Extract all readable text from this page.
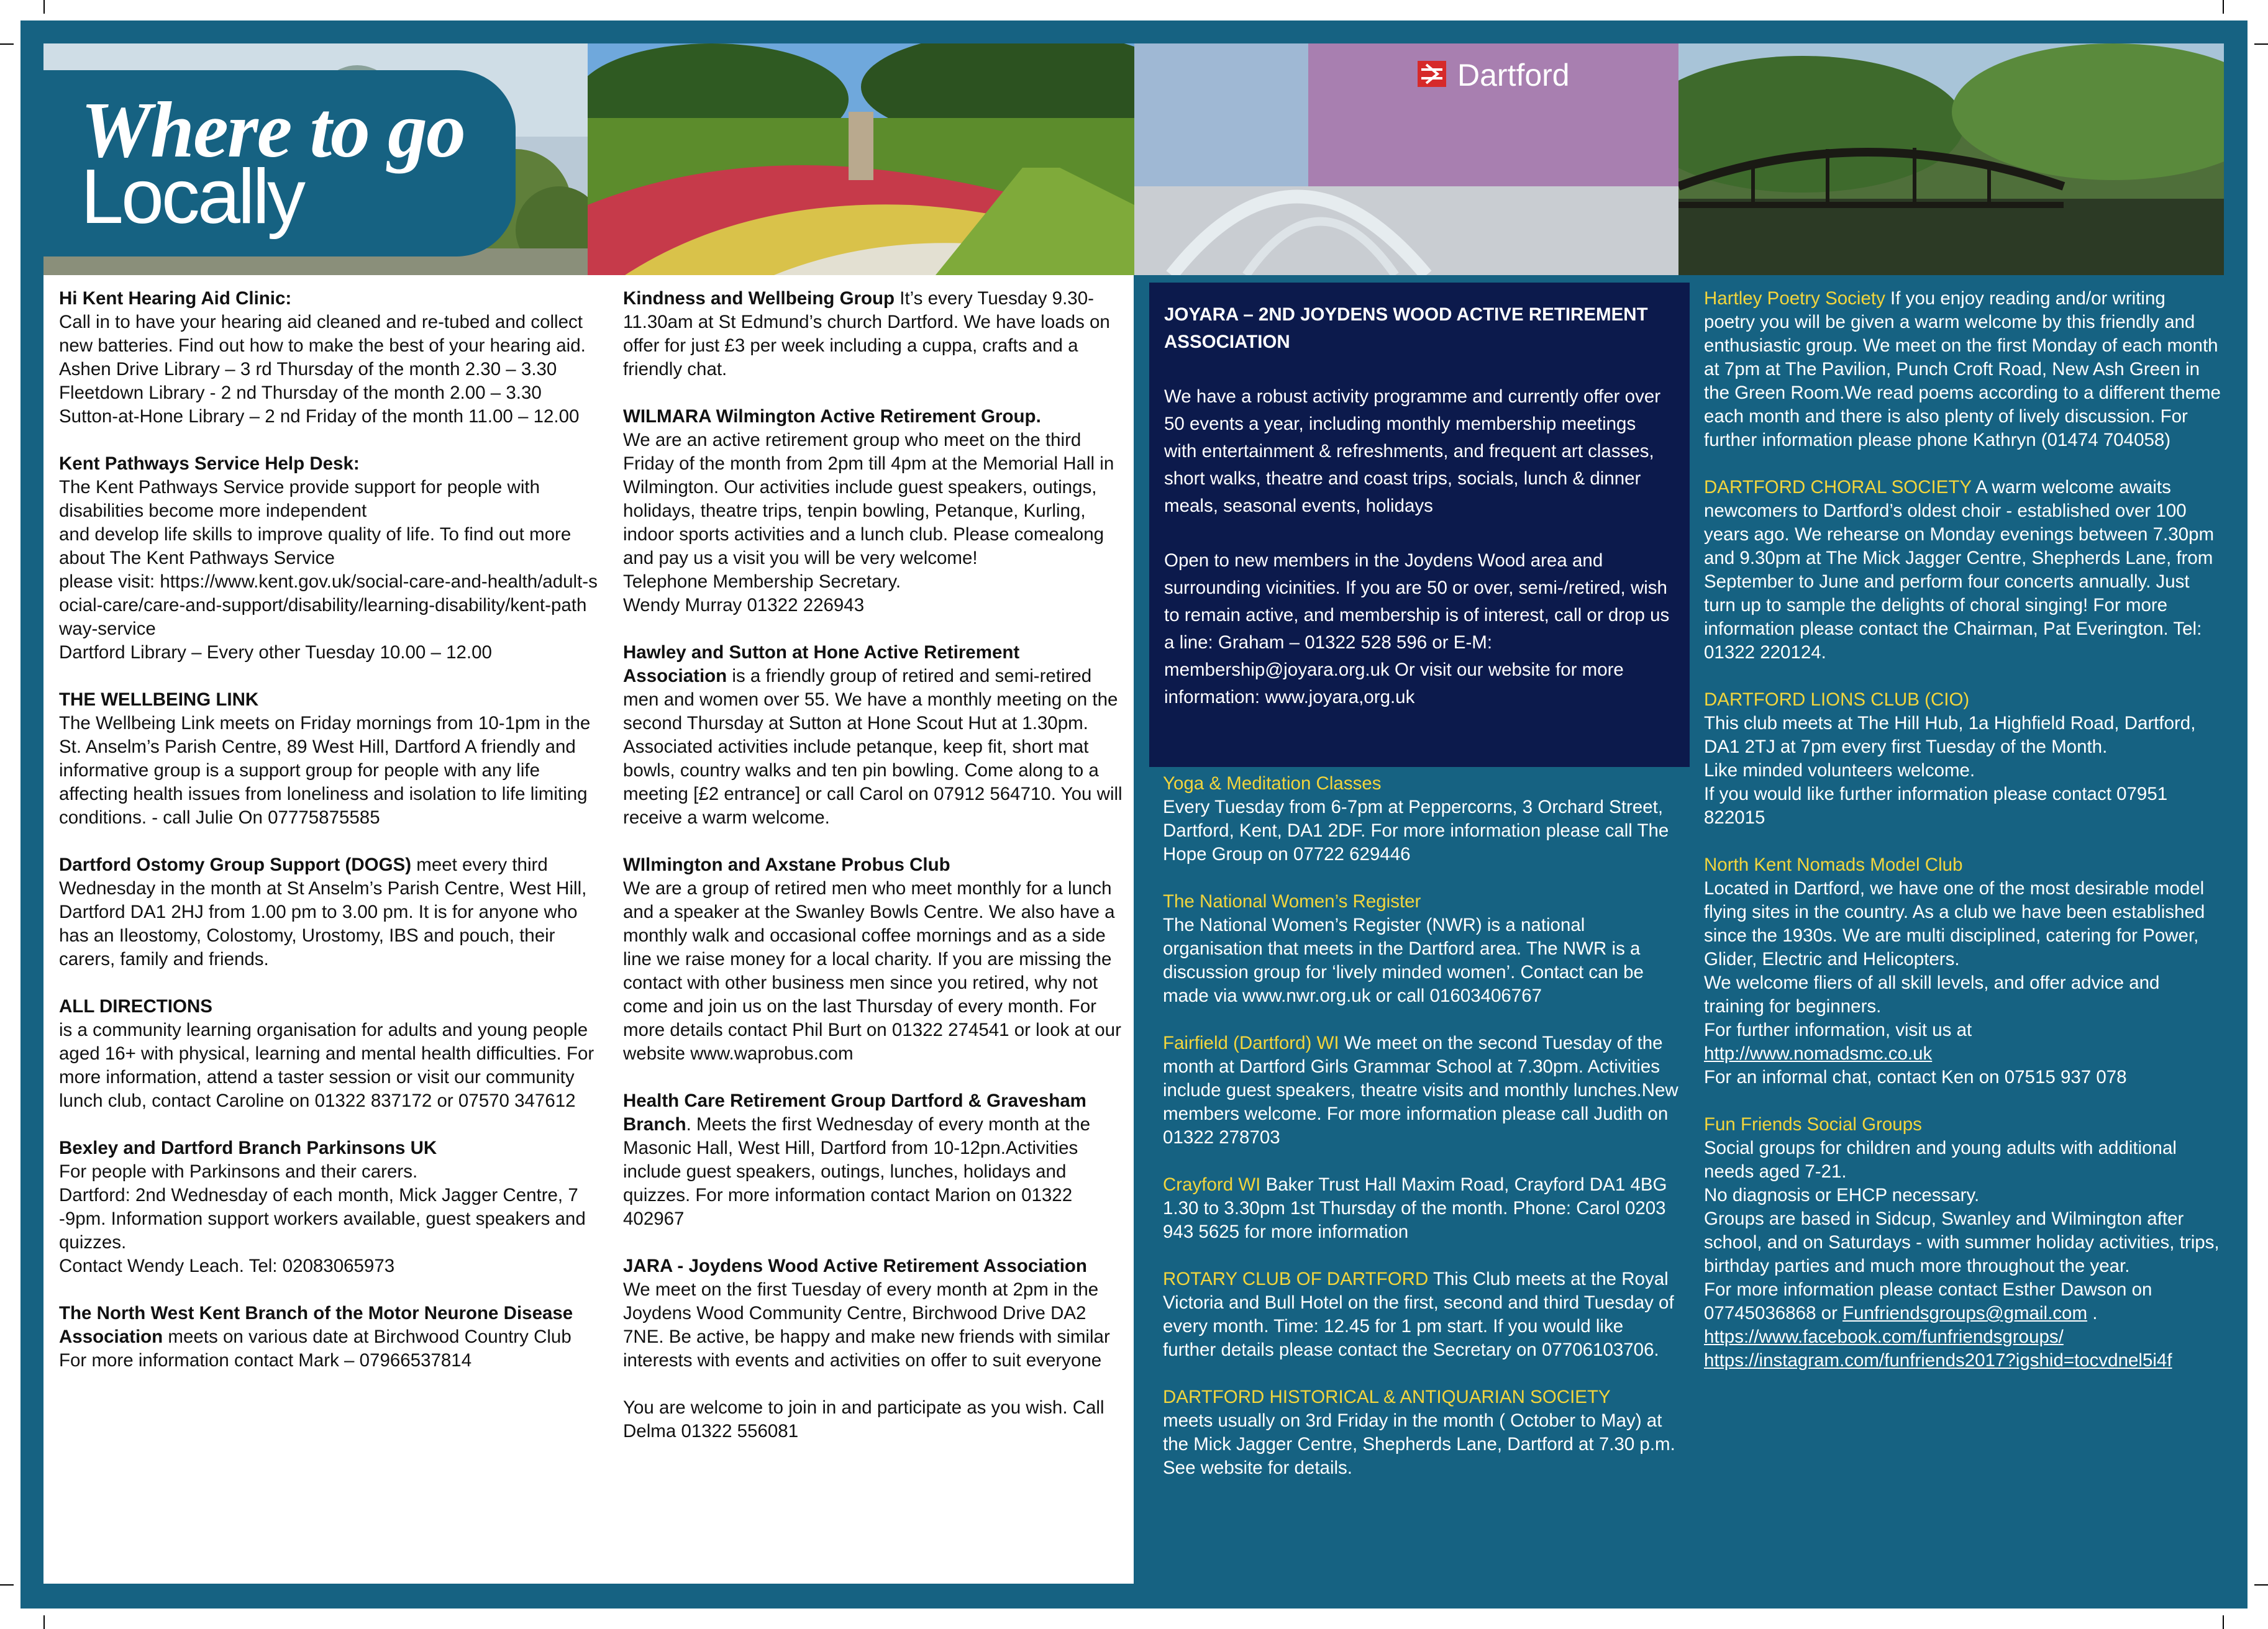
Dartford
Where to go
Locally

Hi Kent Hearing Aid Clinic:
Call in to have your hearing aid cleaned and re-tubed and collect new batteries. Find out how to make the best of your hearing aid.
Ashen Drive Library – 3 rd Thursday of the month 2.30 – 3.30
Fleetdown Library - 2 nd Thursday of the month 2.00 – 3.30
Sutton-at-Hone Library – 2 nd Friday of the month 11.00 – 12.00

Kent Pathways Service Help Desk:
The Kent Pathways Service provide support for people with disabilities become more independent
and develop life skills to improve quality of life. To find out more about The Kent Pathways Service
please visit: https://www.kent.gov.uk/social-care-and-health/adult-social-care/care-and-support/disability/learning-disability/kent-pathway-service
Dartford Library – Every other Tuesday 10.00 – 12.00

THE WELLBEING LINK
The Wellbeing Link meets on Friday mornings from 10-1pm in the St. Anselm’s Parish Centre, 89 West Hill, Dartford A friendly and informative group is a support group for people with any life affecting health issues from loneliness and isolation to life limiting conditions. - call Julie On 07775875585

Dartford Ostomy Group Support (DOGS) meet every third Wednesday in the month at St Anselm’s Parish Centre, West Hill, Dartford DA1 2HJ from 1.00 pm to 3.00 pm. It is for anyone who has an Ileostomy, Colostomy, Urostomy, IBS and pouch, their carers, family and friends.

ALL DIRECTIONS
is a community learning organisation for adults and young people aged 16+ with physical, learning and mental health difficulties. For more information, attend a taster session or visit our community lunch club, contact Caroline on 01322 837172 or 07570 347612

Bexley and Dartford Branch Parkinsons UK
For people with Parkinsons and their carers.
Dartford: 2nd Wednesday of each month, Mick Jagger Centre, 7 -9pm. Information support workers available, guest speakers and quizzes.
Contact Wendy Leach. Tel: 02083065973

The North West Kent Branch of the Motor Neurone Disease Association meets on various date at Birchwood Country Club For more information contact Mark – 07966537814

Kindness and Wellbeing Group It’s every Tuesday 9.30-11.30am at St Edmund’s church Dartford. We have loads on offer for just £3 per week including a cuppa, crafts and a friendly chat.

WILMARA Wilmington Active Retirement Group.
We are an active retirement group who meet on the third Friday of the month from 2pm till 4pm at the Memorial Hall in Wilmington. Our activities include guest speakers, outings, holidays, theatre trips, tenpin bowling, Petanque, Kurling, indoor sports activities and a lunch club. Please comealong and pay us a visit you will be very welcome!
Telephone Membership Secretary.
Wendy Murray 01322 226943

Hawley and Sutton at Hone Active Retirement Association is a friendly group of retired and semi-retired men and women over 55. We have a monthly meeting on the second Thursday at Sutton at Hone Scout Hut at 1.30pm. Associated activities include petanque, keep fit, short mat bowls, country walks and ten pin bowling. Come along to a meeting [£2 entrance] or call Carol on 07912 564710. You will receive a warm welcome.

WIlmington and Axstane Probus Club
We are a group of retired men who meet monthly for a lunch and a speaker at the Swanley Bowls Centre. We also have a monthly walk and occasional coffee mornings and as a side line we raise money for a local charity. If you are missing the contact with other business men since you retired, why not come and join us on the last Thursday of every month. For more details contact Phil Burt on 01322 274541 or look at our website www.waprobus.com

Health Care Retirement Group Dartford & Gravesham Branch. Meets the first Wednesday of every month at the Masonic Hall, West Hill, Dartford from 10-12pn.Activities include guest speakers, outings, lunches, holidays and quizzes. For more information contact Marion on 01322 402967

JARA - Joydens Wood Active Retirement Association
We meet on the first Tuesday of every month at 2pm in the Joydens Wood Community Centre, Birchwood Drive DA2 7NE. Be active, be happy and make new friends with similar interests with events and activities on offer to suit everyone

You are welcome to join in and participate as you wish. Call Delma 01322 556081

JOYARA – 2ND JOYDENS WOOD ACTIVE RETIREMENT ASSOCIATION

We have a robust activity programme and currently offer over 50 events a year, including monthly membership meetings with entertainment & refreshments, and frequent art classes, short walks, theatre and coast trips, socials, lunch & dinner meals, seasonal events, holidays

Open to new members in the Joydens Wood area and surrounding vicinities. If you are 50 or over, semi-/retired, wish to remain active, and membership is of interest, call or drop us a line: Graham – 01322 528 596 or E-M: membership@joyara.org.uk Or visit our website for more information: www.joyara,org.uk

Yoga & Meditation Classes
Every Tuesday from 6-7pm at Peppercorns, 3 Orchard Street, Dartford, Kent, DA1 2DF. For more information please call The Hope Group on 07722 629446

The National Women’s Register
The National Women’s Register (NWR) is a national organisation that meets in the Dartford area. The NWR is a discussion group for ‘lively minded women’. Contact can be made via www.nwr.org.uk or call 01603406767

Fairfield (Dartford) WI We meet on the second Tuesday of the month at Dartford Girls Grammar School at 7.30pm. Activities include guest speakers, theatre visits and monthly lunches.New members welcome. For more information please call Judith on 01322 278703

Crayford WI Baker Trust Hall Maxim Road, Crayford DA1 4BG 1.30 to 3.30pm 1st Thursday of the month. Phone: Carol 0203 943 5625 for more information

ROTARY CLUB OF DARTFORD This Club meets at the Royal Victoria and Bull Hotel on the first, second and third Tuesday of every month. Time: 12.45 for 1 pm start. If you would like further details please contact the Secretary on 07706103706.

DARTFORD HISTORICAL & ANTIQUARIAN SOCIETY
meets usually on 3rd Friday in the month ( October to May) at the Mick Jagger Centre, Shepherds Lane, Dartford at 7.30 p.m. See website for details.

Hartley Poetry Society If you enjoy reading and/or writing poetry you will be given a warm welcome by this friendly and enthusiastic group. We meet on the first Monday of each month at 7pm at The Pavilion, Punch Croft Road, New Ash Green in the Green Room.We read poems according to a different theme each month and there is also plenty of lively discussion. For further information please phone Kathryn (01474 704058)

DARTFORD CHORAL SOCIETY A warm welcome awaits newcomers to Dartford’s oldest choir - established over 100 years ago. We rehearse on Monday evenings between 7.30pm and 9.30pm at The Mick Jagger Centre, Shepherds Lane, from September to June and perform four concerts annually. Just turn up to sample the delights of choral singing! For more information please contact the Chairman, Pat Everington. Tel: 01322 220124.

DARTFORD LIONS CLUB (CIO)
This club meets at The Hill Hub, 1a Highfield Road, Dartford, DA1 2TJ at 7pm every first Tuesday of the Month.
Like minded volunteers welcome.
If you would like further information please contact 07951 822015

North Kent Nomads Model Club
Located in Dartford, we have one of the most desirable model flying sites in the country. As a club we have been established since the 1930s. We are multi disciplined, catering for Power, Glider, Electric and Helicopters.
We welcome fliers of all skill levels, and offer advice and training for beginners.
For further information, visit us at
http://www.nomadsmc.co.uk
For an informal chat, contact Ken on 07515 937 078

Fun Friends Social Groups
Social groups for children and young adults with additional needs aged 7-21.
No diagnosis or EHCP necessary.
Groups are based in Sidcup, Swanley and Wilmington after school, and on Saturdays - with summer holiday activities, trips, birthday parties and much more throughout the year.
For more information please contact Esther Dawson on 07745036868 or Funfriendsgroups@gmail.com .
https://www.facebook.com/funfriendsgroups/
https://instagram.com/funfriends2017?igshid=tocvdnel5i4f
